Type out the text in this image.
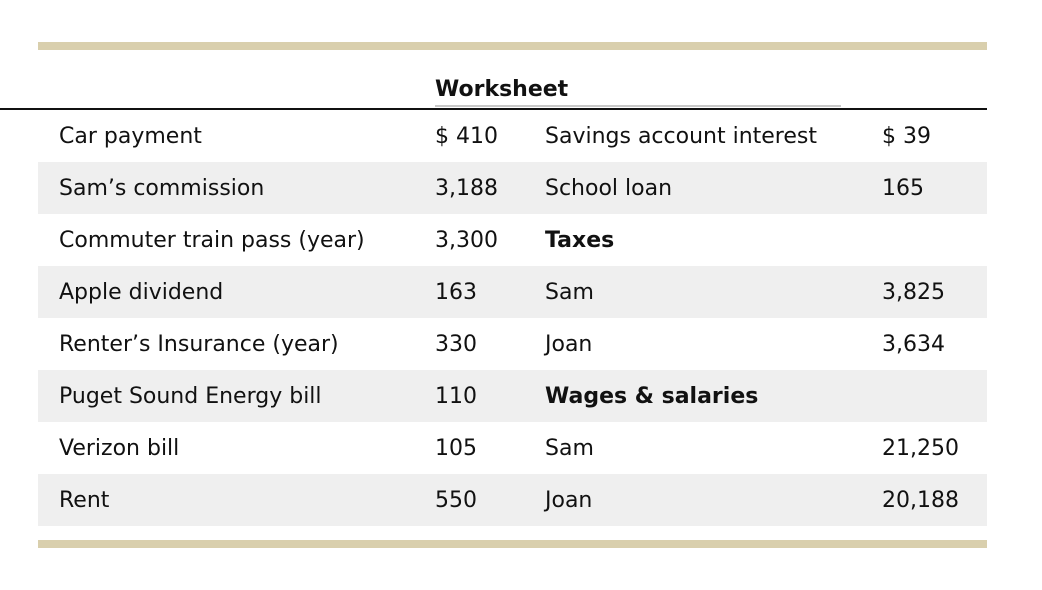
Worksheet
Car payment	$ 410	Savings account interest	$ 39
Sam’s commission	3,188	School loan	165
Commuter train pass (year)	3,300	Taxes
Apple dividend	163	Sam	3,825
Renter’s Insurance (year)	330	Joan	3,634
Puget Sound Energy bill	110	Wages & salaries
Verizon bill	105	Sam	21,250
Rent	550	Joan	20,188
